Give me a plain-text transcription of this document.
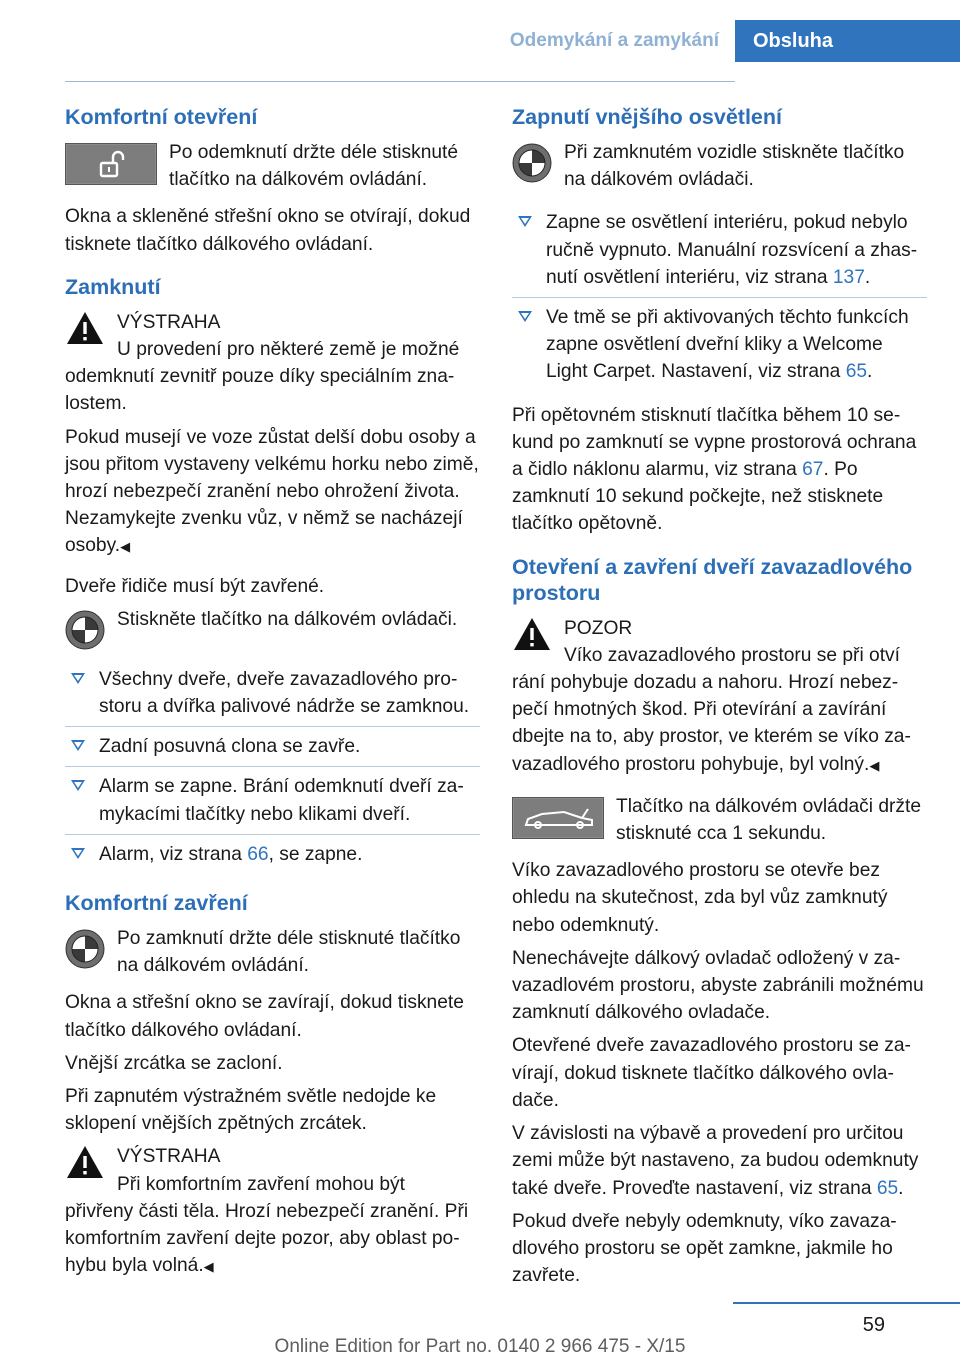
Odemykání a zamykání	Obsluha
Komfortní otevření
Po odemknutí držte déle stisknuté tlačítko na dálkovém ovládání.

Okna a skleněné střešní okno se otvírají, dokud tisknete tlačítko dálkového ovládaní.

Zamknutí
VÝSTRAHA
U provedení pro některé země je možné

odemknutí zevnitř pouze díky speciálním znalostem.

Pokud musejí ve voze zůstat delší dobu osoby a jsou přitom vystaveny velkému horku nebo zimě, hrozí nebezpečí zranění nebo ohrožení života. Nezamykejte zvenku vůz, v němž se nacházejí osoby.◀

Dveře řidiče musí být zavřené.

Stiskněte tlačítko na dálkovém ovládači.
Všechny dveře, dveře zavazadlového prostoru a dvířka palivové nádrže se zamknou.
Zadní posuvná clona se zavře.
Alarm se zapne. Brání odemknutí dveří zamykacími tlačítky nebo klikami dveří.
Alarm, viz strana 66, se zapne.
Komfortní zavření
Po zamknutí držte déle stisknuté tlačítko na dálkovém ovládání.

Okna a střešní okno se zavírají, dokud tisknete tlačítko dálkového ovládaní.

Vnější zrcátka se zacloní.

Při zapnutém výstražném světle nedojde ke sklopení vnějších zpětných zrcátek.

VÝSTRAHA
Při komfortním zavření mohou být

přivřeny části těla. Hrozí nebezpečí zranění. Při komfortním zavření dejte pozor, aby oblast pohybu byla volná.◀

Zapnutí vnějšího osvětlení
Při zamknutém vozidle stiskněte tlačítko na dálkovém ovládači.
Zapne se osvětlení interiéru, pokud nebylo ručně vypnuto. Manuální rozsvícení a zhasnutí osvětlení interiéru, viz strana 137.
Ve tmě se při aktivovaných těchto funkcích zapne osvětlení dveřní kliky a Welcome Light Carpet. Nastavení, viz strana 65.

Při opětovném stisknutí tlačítka během 10 sekund po zamknutí se vypne prostorová ochrana a čidlo náklonu alarmu, viz strana 67. Po zamknutí 10 sekund počkejte, než stisknete tlačítko opětovně.

Otevření a zavření dveří zavazadlového prostoru
POZOR
Víko zavazadlového prostoru se při otví

rání pohybuje dozadu a nahoru. Hrozí nebezpečí hmotných škod. Při otevírání a zavírání dbejte na to, aby prostor, ve kterém se víko zavazadlového prostoru pohybuje, byl volný.◀

Tlačítko na dálkovém ovládači držte stisknuté cca 1 sekundu.

Víko zavazadlového prostoru se otevře bez ohledu na skutečnost, zda byl vůz zamknutý nebo odemknutý.

Nenechávejte dálkový ovladač odložený v zavazadlovém prostoru, abyste zabránili možnému zamknutí dálkového ovladače.

Otevřené dveře zavazadlového prostoru se zavírají, dokud tisknete tlačítko dálkového ovladače.

V závislosti na výbavě a provedení pro určitou zemi může být nastaveno, za budou odemknuty také dveře. Proveďte nastavení, viz strana 65.

Pokud dveře nebyly odemknuty, víko zavazadlového prostoru se opět zamkne, jakmile ho zavřete.

59
Online Edition for Part no. 0140 2 966 475 - X/15
